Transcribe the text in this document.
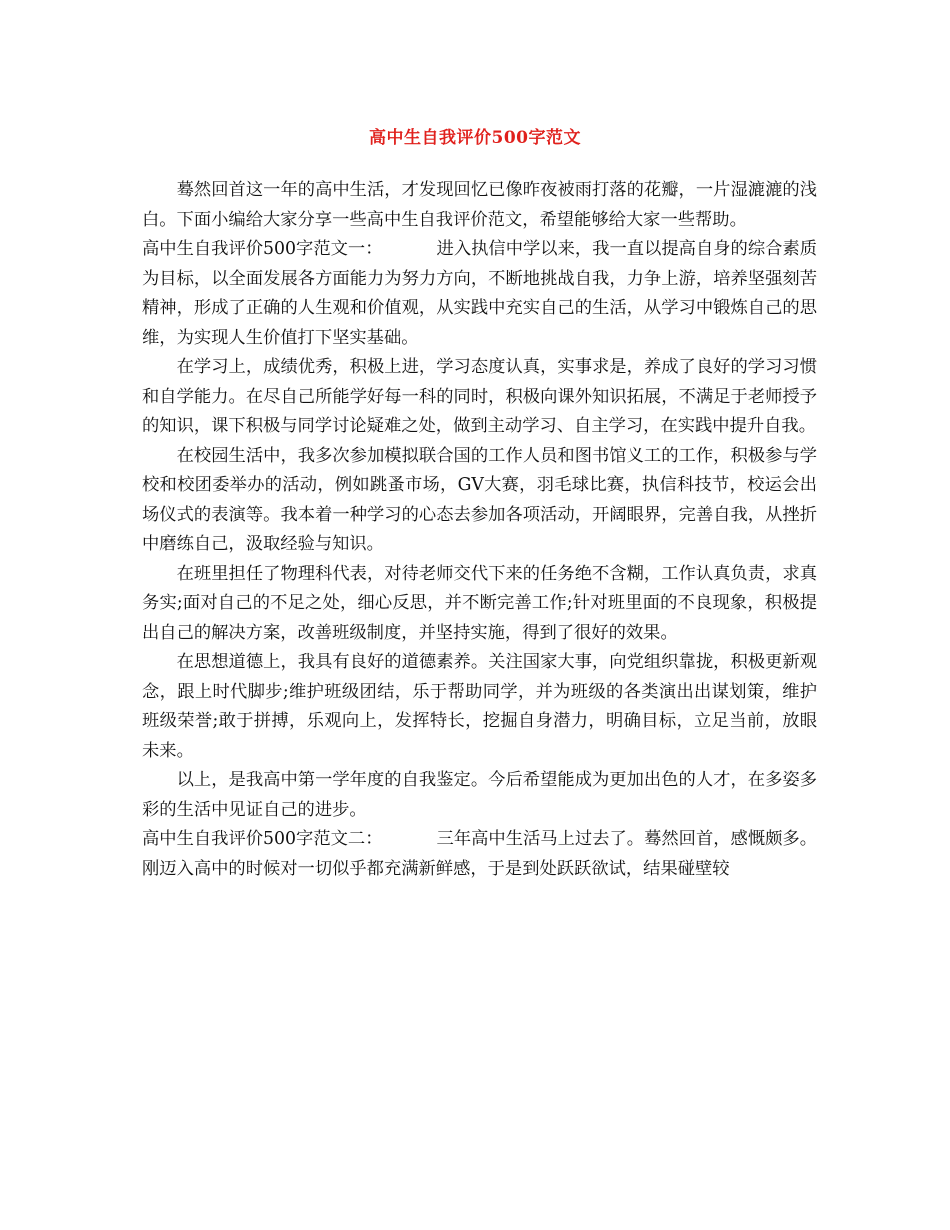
高中生自我评价500字范文

蓦然回首这一年的高中生活，才发现回忆已像昨夜被雨打落的花瓣，一片湿漉漉的浅白。下面小编给大家分享一些高中生自我评价范文，希望能够给大家一些帮助。

高中生自我评价500字范文一：	进入执信中学以来，我一直以提高自身的综合素质为目标，以全面发展各方面能力为努力方向，不断地挑战自我，力争上游，培养坚强刻苦精神，形成了正确的人生观和价值观，从实践中充实自己的生活，从学习中锻炼自己的思维，为实现人生价值打下坚实基础。

在学习上，成绩优秀，积极上进，学习态度认真，实事求是，养成了良好的学习习惯和自学能力。在尽自己所能学好每一科的同时，积极向课外知识拓展，不满足于老师授予的知识，课下积极与同学讨论疑难之处，做到主动学习、自主学习，在实践中提升自我。

在校园生活中，我多次参加模拟联合国的工作人员和图书馆义工的工作，积极参与学校和校团委举办的活动，例如跳蚤市场，GV大赛，羽毛球比赛，执信科技节，校运会出场仪式的表演等。我本着一种学习的心态去参加各项活动，开阔眼界，完善自我，从挫折中磨练自己，汲取经验与知识。

在班里担任了物理科代表，对待老师交代下来的任务绝不含糊，工作认真负责，求真务实;面对自己的不足之处，细心反思，并不断完善工作;针对班里面的不良现象，积极提出自己的解决方案，改善班级制度，并坚持实施，得到了很好的效果。

在思想道德上，我具有良好的道德素养。关注国家大事，向党组织靠拢，积极更新观念，跟上时代脚步;维护班级团结，乐于帮助同学，并为班级的各类演出出谋划策，维护班级荣誉;敢于拼搏，乐观向上，发挥特长，挖掘自身潜力，明确目标，立足当前，放眼未来。

以上，是我高中第一学年度的自我鉴定。今后希望能成为更加出色的人才，在多姿多彩的生活中见证自己的进步。

高中生自我评价500字范文二：	三年高中生活马上过去了。蓦然回首，感慨颇多。刚迈入高中的时候对一切似乎都充满新鲜感，于是到处跃跃欲试，结果碰壁较
